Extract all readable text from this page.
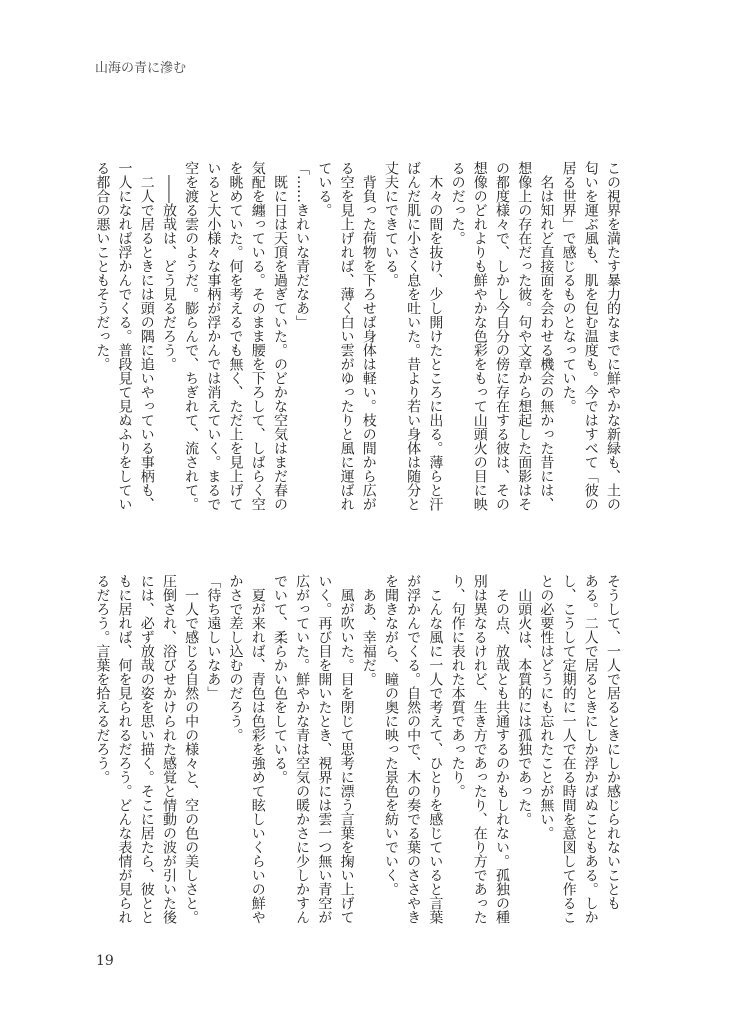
山海の青に滲む
この視界を満たす暴力的なまでに鮮やかな新緑も、土の
匂いを運ぶ風も、肌を包む温度も。今ではすべて「彼の
居る世界」で感じるものとなっていた。
　名は知れど直接面を会わせる機会の無かった昔には、
想像上の存在だった彼。句や文章から想起した面影はそ
の都度様々で、しかし今自分の傍に存在する彼は、その
想像のどれよりも鮮やかな色彩をもって山頭火の目に映
るのだった。
　木々の間を抜け、少し開けたところに出る。薄らと汗
ばんだ肌に小さく息を吐いた。昔より若い身体は随分と
丈夫にできている。
　背負った荷物を下ろせば身体は軽い。枝の間から広が
る空を見上げれば、薄く白い雲がゆったりと風に運ばれ
ている。
「……きれいな青だなあ」
　既に日は天頂を過ぎていた。のどかな空気はまだ春の
気配を纏っている。そのまま腰を下ろして、しばらく空
を眺めていた。何を考えるでも無く、ただ上を見上げて
いると大小様々な事柄が浮かんでは消えていく。まるで
空を渡る雲のようだ。膨らんで、ちぎれて、流されて。
　――放哉は、どう見るだろう。
　二人で居るときには頭の隅に追いやっている事柄も、
一人になれば浮かんでくる。普段見て見ぬふりをしてい
る都合の悪いこともそうだった。
そうして、一人で居るときにしか感じられないことも
ある。二人で居るときにしか浮かばぬこともある。しか
し、こうして定期的に一人で在る時間を意図して作るこ
との必要性はどうにも忘れたことが無い。
　山頭火は、本質的には孤独であった。
　その点、放哉とも共通するのかもしれない。孤独の種
別は異なるけれど、生き方であったり、在り方であった
り、句作に表れた本質であったり。
　こんな風に一人で考えて、ひとりを感じていると言葉
が浮かんでくる。自然の中で、木の奏でる葉のささやき
を聞きながら、瞳の奥に映った景色を紡いでいく。
　ああ、幸福だ。
　風が吹いた。目を閉じて思考に漂う言葉を掬い上げて
いく。再び目を開いたとき、視界には雲一つ無い青空が
広がっていた。鮮やかな青は空気の暖かさに少しかすん
でいて、柔らかい色をしている。
　夏が来れば、青色は色彩を強めて眩しいくらいの鮮や
かさで差し込むのだろう。
「待ち遠しいなあ」
　一人で感じる自然の中の様々と、空の色の美しさと。
圧倒され、浴びせかけられた感覚と情動の波が引いた後
には、必ず放哉の姿を思い描く。そこに居たら、彼とと
もに居れば、何を見られるだろう。どんな表情が見られ
るだろう。言葉を拾えるだろう。
19
